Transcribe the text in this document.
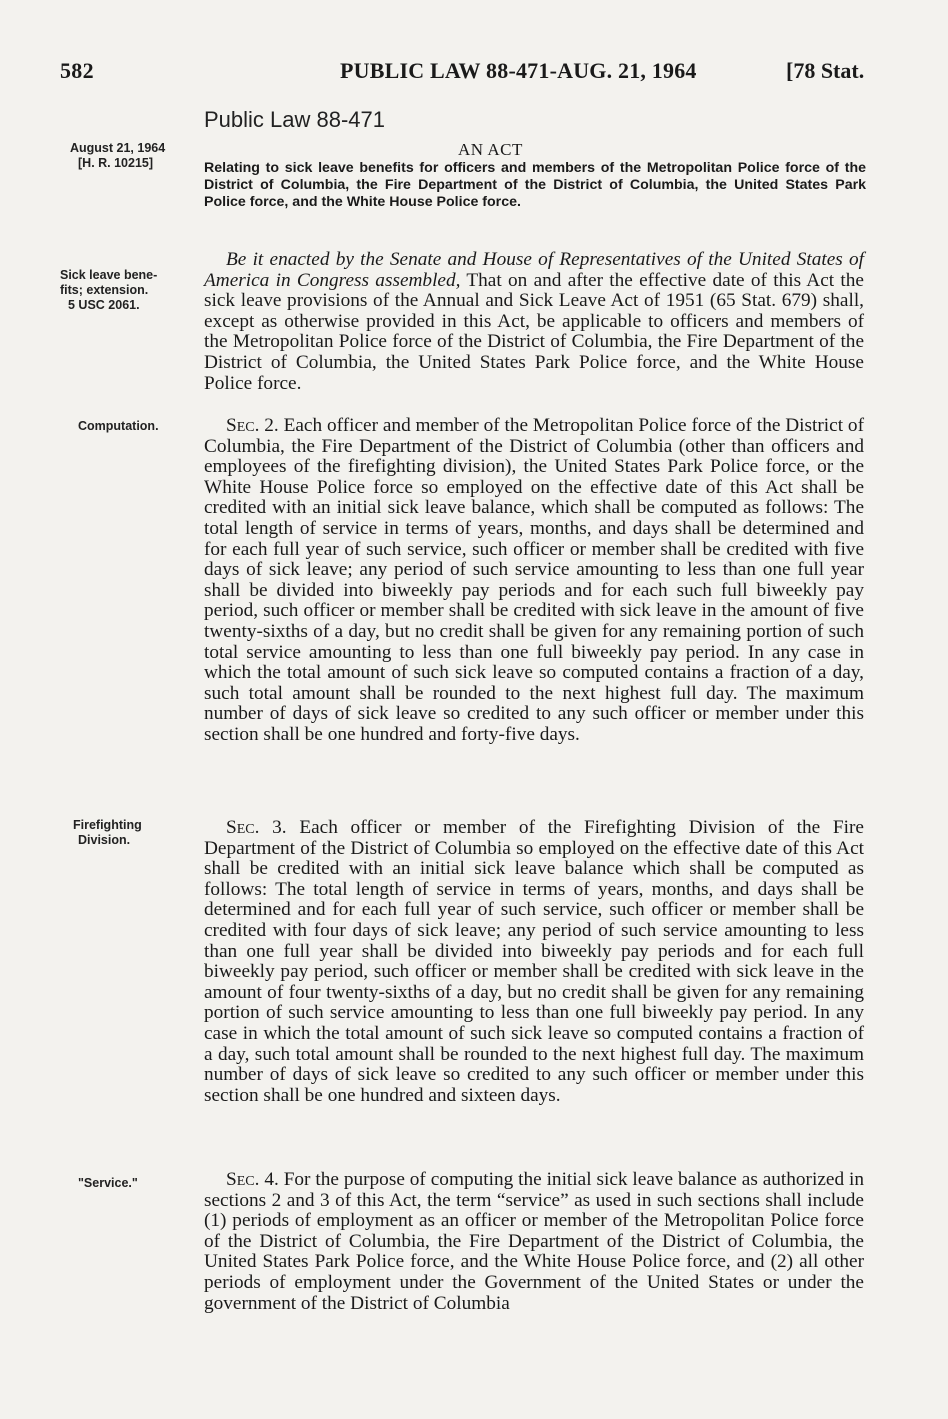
582	PUBLIC LAW 88-471-AUG. 21, 1964	[78 Stat.
Public Law 88-471
AN ACT
August 21, 1964
[H. R. 10215]	Relating to sick leave benefits for officers and members of the Metropolitan Police force of the District of Columbia, the Fire Department of the District of Columbia, the United States Park Police force, and the White House Police force.

Sick leave bene-
fits; extension.
5 USC 2061.

Be it enacted by the Senate and House of Representatives of the United States of America in Congress assembled, That on and after the effective date of this Act the sick leave provisions of the Annual and Sick Leave Act of 1951 (65 Stat. 679) shall, except as otherwise provided in this Act, be applicable to officers and members of the Metropolitan Police force of the District of Columbia, the Fire Department of the District of Columbia, the United States Park Police force, and the White House Police force.

Computation.	Sec. 2. Each officer and member of the Metropolitan Police force of the District of Columbia, the Fire Department of the District of Columbia (other than officers and employees of the firefighting division), the United States Park Police force, or the White House Police force so employed on the effective date of this Act shall be credited with an initial sick leave balance, which shall be computed as follows: The total length of service in terms of years, months, and days shall be determined and for each full year of such service, such officer or member shall be credited with five days of sick leave; any period of such service amounting to less than one full year shall be divided into biweekly pay periods and for each such full biweekly pay period, such officer or member shall be credited with sick leave in the amount of five twenty-sixths of a day, but no credit shall be given for any remaining portion of such total service amounting to less than one full biweekly pay period. In any case in which the total amount of such sick leave so computed contains a fraction of a day, such total amount shall be rounded to the next highest full day. The maximum number of days of sick leave so credited to any such officer or member under this section shall be one hundred and forty-five days.

Firefighting
Division.

Sec. 3. Each officer or member of the Firefighting Division of the Fire Department of the District of Columbia so employed on the effective date of this Act shall be credited with an initial sick leave balance which shall be computed as follows: The total length of service in terms of years, months, and days shall be determined and for each full year of such service, such officer or member shall be credited with four days of sick leave; any period of such service amounting to less than one full year shall be divided into biweekly pay periods and for each full biweekly pay period, such officer or member shall be credited with sick leave in the amount of four twenty-sixths of a day, but no credit shall be given for any remaining portion of such service amounting to less than one full biweekly pay period. In any case in which the total amount of such sick leave so computed contains a fraction of a day, such total amount shall be rounded to the next highest full day. The maximum number of days of sick leave so credited to any such officer or member under this section shall be one hundred and sixteen days.

"Service."	Sec. 4. For the purpose of computing the initial sick leave balance as authorized in sections 2 and 3 of this Act, the term “service” as used in such sections shall include (1) periods of employment as an officer or member of the Metropolitan Police force of the District of Columbia, the Fire Department of the District of Columbia, the United States Park Police force, and the White House Police force, and (2) all other periods of employment under the Government of the United States or under the government of the District of Columbia
